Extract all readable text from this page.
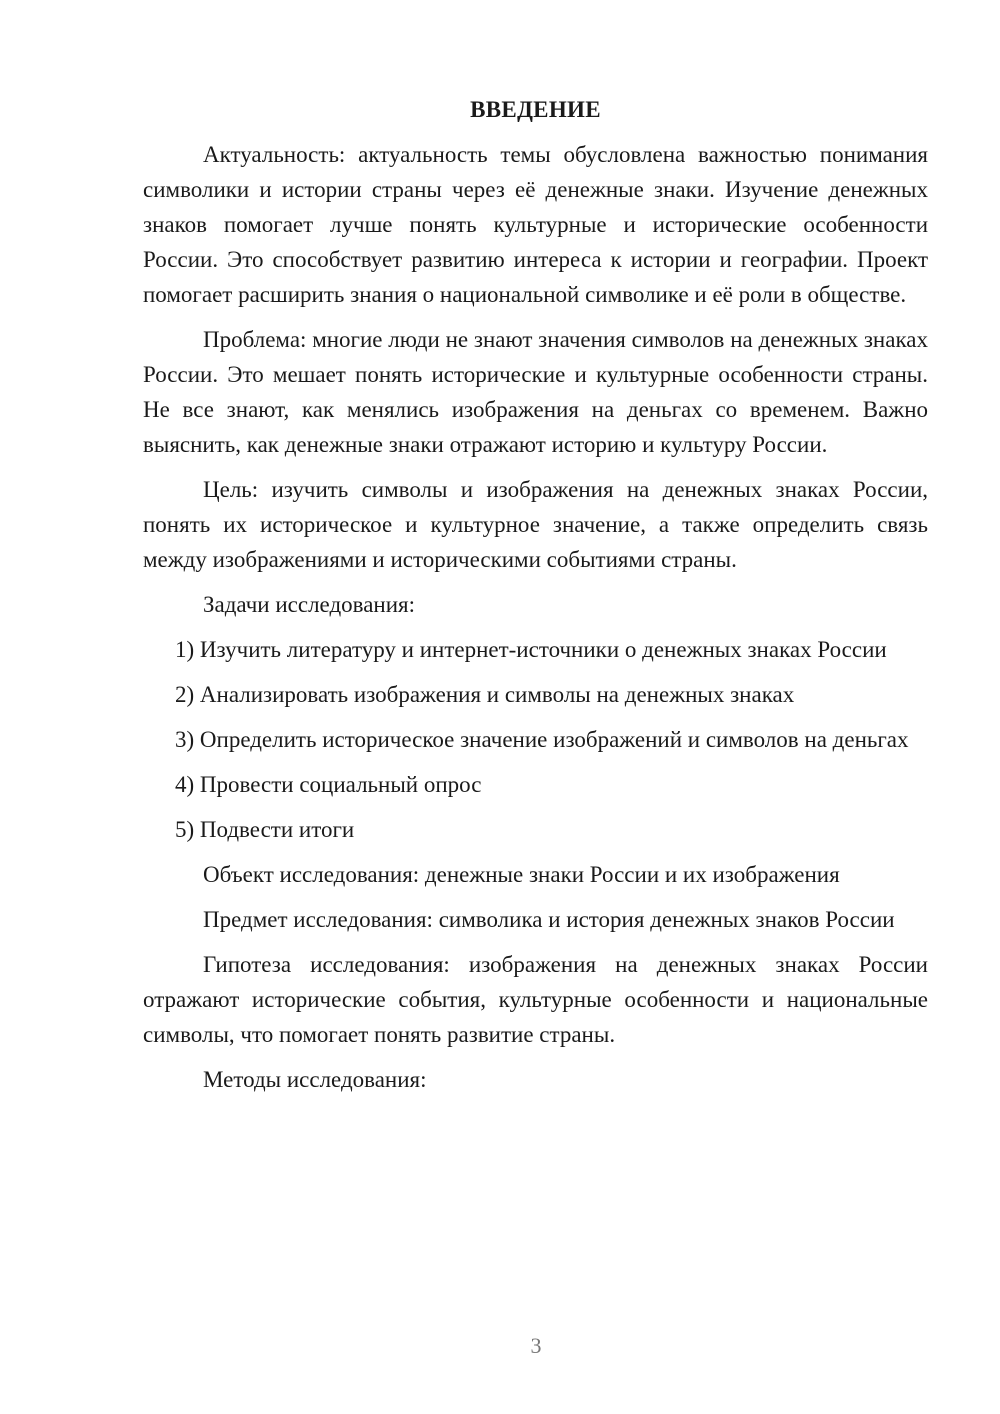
ВВЕДЕНИЕ

Актуальность: актуальность темы обусловлена важностью понимания символики и истории страны через её денежные знаки. Изучение денежных знаков помогает лучше понять культурные и исторические особенности России. Это способствует развитию интереса к истории и географии. Проект помогает расширить знания о национальной символике и её роли в обществе.

Проблема: многие люди не знают значения символов на денежных знаках России. Это мешает понять исторические и культурные особенности страны. Не все знают, как менялись изображения на деньгах со временем. Важно выяснить, как денежные знаки отражают историю и культуру России.

Цель: изучить символы и изображения на денежных знаках России, понять их историческое и культурное значение, а также определить связь между изображениями и историческими событиями страны.

Задачи исследования:

1) Изучить литературу и интернет-источники о денежных знаках России

2) Анализировать изображения и символы на денежных знаках

3) Определить историческое значение изображений и символов на деньгах

4) Провести социальный опрос

5) Подвести итоги

Объект исследования: денежные знаки России и их изображения

Предмет исследования: символика и история денежных знаков России

Гипотеза исследования: изображения на денежных знаках России отражают исторические события, культурные особенности и национальные символы, что помогает понять развитие страны.

Методы исследования:

3
